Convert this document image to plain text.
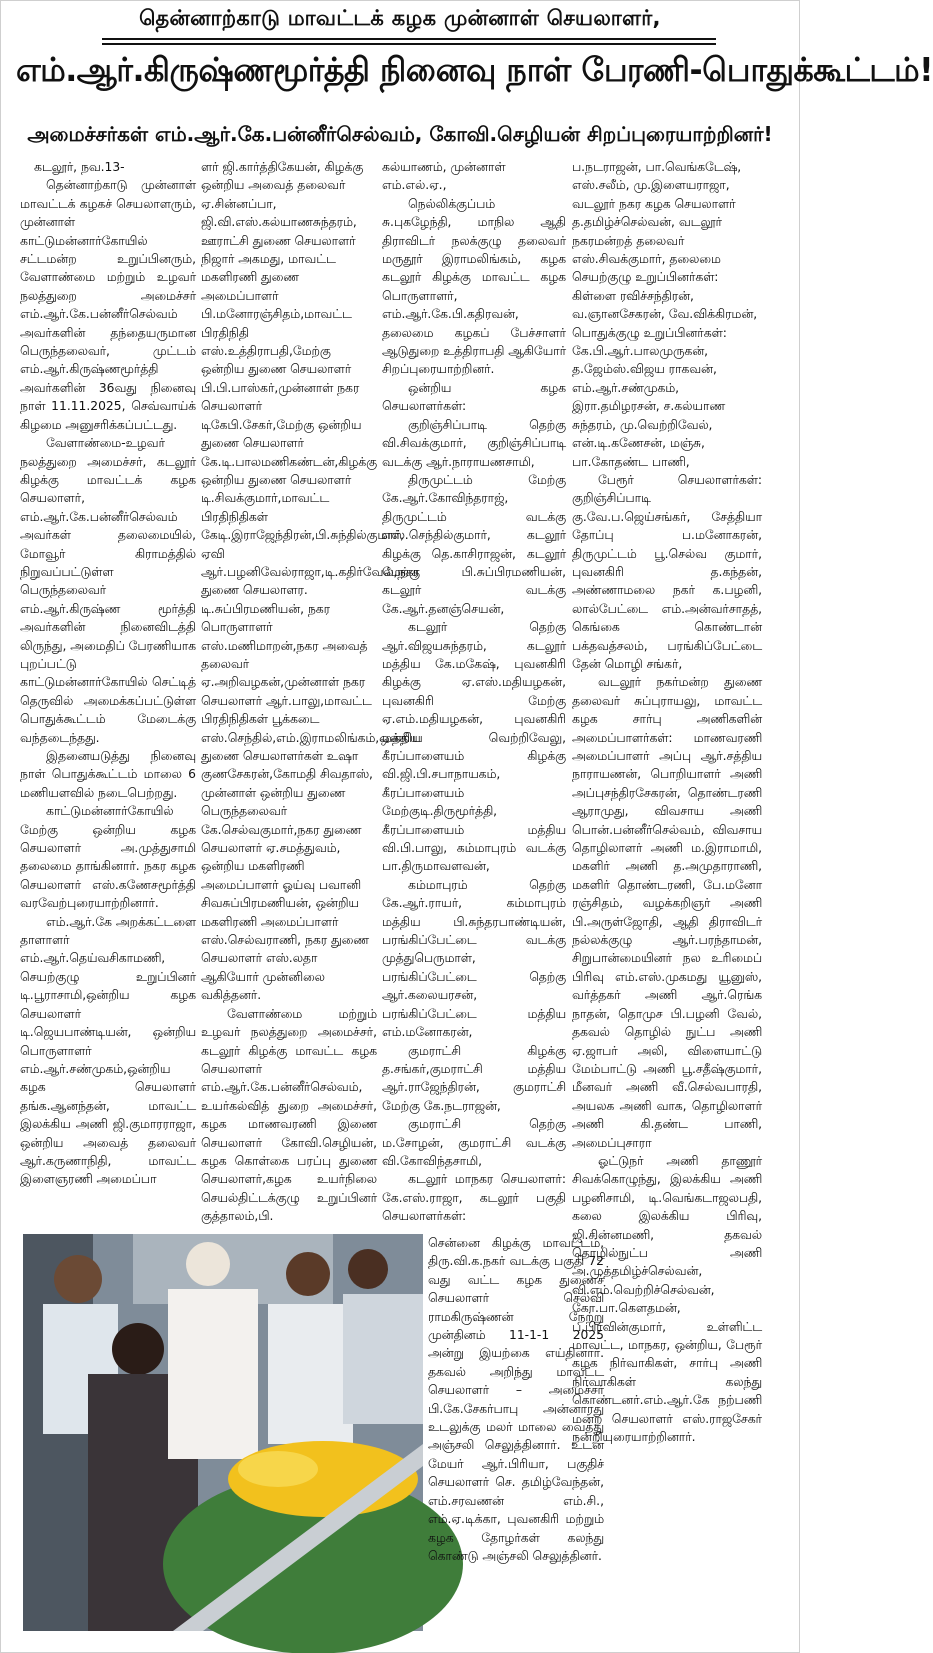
தென்னாற்காடு மாவட்டக் கழக முன்னாள் செயலாளர்,
எம்.ஆர்.கிருஷ்ணமூர்த்தி நினைவு நாள் பேரணி-பொதுக்கூட்டம்!
அமைச்சர்கள் எம்.ஆர்.கே.பன்னீர்செல்வம், கோவி.செழியன் சிறப்புரையாற்றினர்!

கடலூர், நவ.13-

தென்னாற்காடு முன்னாள் மாவட்டக் கழகச் செயலாளரும், முன்னாள் காட்டுமன்னார்கோயில் சட்டமன்ற உறுப்பினரும், வேளாண்மை மற்றும் உழவர் நலத்துறை அமைச்சர் எம்.ஆர்.கே.பன்னீர்செல்வம் அவர்களின் தந்தையருமான பெருந்தலைவர், முட்டம் எம்.ஆர்.கிருஷ்ணமூர்த்தி அவர்களின் 36வது நினைவு நாள் 11.11.2025, செவ்வாய்க் கிழமை அனுசரிக்கப்பட்டது.

வேளாண்மை-உழவர் நலத்துறை அமைச்சர், கடலூர் கிழக்கு மாவட்டக் கழக செயலாளர், எம்.ஆர்.கே.பன்னீர்செல்வம் அவர்கள் தலைமையில், மோவூர் கிராமத்தில் நிறுவப்பட்டுள்ள பெருந்தலைவர் எம்.ஆர்.கிருஷ்ண மூர்த்தி அவர்களின் நினைவிடத்தி லிருந்து, அமைதிப் பேரணியாக புறப்பட்டு காட்டுமன்னார்கோயில் செட்டித் தெருவில் அமைக்கப்பட்டுள்ள பொதுக்கூட்டம் மேடைக்கு வந்தடைந்தது.

இதனையடுத்து நினைவு நாள் பொதுக்கூட்டம் மாலை 6 மணியளவில் நடைபெற்றது.

காட்டுமன்னார்கோயில் மேற்கு ஒன்றிய கழக செயலாளர் அ.முத்துசாமி தலைமை தாங்கினார். நகர கழக செயலாளர் எஸ்.கணேசமூர்த்தி வரவேற்புரையாற்றினார்.

எம்.ஆர்.கே அறக்கட்டளை தாளாளர் எம்.ஆர்.தெய்வசிகாமணி, செயற்குழு உறுப்பினர் டி.பூராசாமி,ஒன்றிய கழக செயலாளர் டி.ஜெயபாண்டியன், ஒன்றிய பொருளாளர் எம்.ஆர்.சண்முகம்,ஒன்றிய கழக செயலாளர் தங்க.ஆனந்தன், மாவட்ட இலக்கிய அணி ஜி.குமாரராஜா, ஒன்றிய அவைத் தலைவர் ஆர்.கருணாநிதி, மாவட்ட இளைஞரணி அமைப்பா

ளர் ஜி.கார்த்திகேயன், கிழக்கு ஒன்றிய அவைத் தலைவர் ஏ.சின்னப்பா, ஜி.வி.எஸ்.கல்யாணசுந்தரம், ஊராட்சி துணை செயலாளர் நிஜார் அகமது, மாவட்ட மகளிரணி துணை அமைப்பாளர் பி.மனோரஞ்சிதம்,மாவட்ட பிரதிநிதி எஸ்.உத்திராபதி,மேற்கு ஒன்றிய துணை செயலாளர் பி.பி.பாஸ்கர்,முன்னாள் நகர செயலாளர் டிகேபி.சேகர்,மேற்கு ஒன்றிய துணை செயலாளர் கே.டி.பாலமணிகண்டன்,கிழக்கு ஒன்றிய துணை செயலாளர் டி.சிவக்குமார்,மாவட்ட பிரதிநிதிகள் கேடி.இராஜேந்திரன்,பி.சுந்தில்குமார், ஏவி ஆர்.பழனிவேல்ராஜா,டி.கதிர்வேல்,நகர துணை செயலாளர. டி.சுப்பிரமணியன், நகர பொருளாளர் எஸ்.மணிமாறன்,நகர அவைத் தலைவர் ஏ.அறிவழகன்,முன்னாள் நகர செயலாளர் ஆர்.பாலு,மாவட்ட பிரதிநிதிகள் பூக்கடை எஸ்.செந்தில்,எம்.இராமலிங்கம்,ஒன்றிய துணை செயலாளர்கள் உஷா குணசேகரன்,கோமதி சிவதாஸ், முன்னாள் ஒன்றிய துணை பெருந்தலைவர் கே.செல்வகுமார்,நகர துணை செயலாளர் ஏ.சமத்துவம், ஒன்றிய மகளிரணி அமைப்பாளர் ஓய்வு பவானி சிவசுப்பிரமணியன், ஒன்றிய மகளிரணி அமைப்பாளர் எஸ்.செல்வராணி, நகர துணை செயலாளர் எஸ்.லதா ஆகியோர் முன்னிலை வகித்தனர்.

வேளாண்மை மற்றும் உழவர் நலத்துறை அமைச்சர், கடலூர் கிழக்கு மாவட்ட கழக செயலாளர் எம்.ஆர்.கே.பன்னீர்செல்வம், உயர்கல்வித் துறை அமைச்சர், கழக மாணவரணி இணை செயலாளர் கோவி.செழியன், கழக கொள்கை பரப்பு துணை செயலாளர்,கழக உயர்நிலை செயல்திட்டக்குழு உறுப்பினர் குத்தாலம்,பி.

கல்யாணம், முன்னாள் எம்.எல்.ஏ.,

நெல்லிக்குப்பம் சு.புகழேந்தி, மாநில ஆதி திராவிடர் நலக்குழு தலைவர் மருதூர் இராமலிங்கம், கழக கடலூர் கிழக்கு மாவட்ட கழக பொருளாளர், எம்.ஆர்.கே.பி.கதிரவன், தலைமை கழகப் பேச்சாளர் ஆடுதுறை உத்திராபதி ஆகியோர் சிறப்புரையாற்றினர்.

ஒன்றிய கழக செயலாளர்கள்:

குறிஞ்சிப்பாடி தெற்கு வி.சிவக்குமார், குறிஞ்சிப்பாடி வடக்கு ஆர்.நாராயணசாமி,

திருமுட்டம் மேற்கு கே.ஆர்.கோவிந்தராஜ், திருமுட்டம் வடக்கு எஸ்.செந்தில்குமார், கடலூர் கிழக்கு தெ.காசிராஜன், கடலூர் மேற்கு பி.சுப்பிரமணியன், கடலூர் வடக்கு கே.ஆர்.தனஞ்செயன்,

கடலூர் தெற்கு ஆர்.விஜயசுந்தரம், கடலூர் மத்திய கே.மகேஷ், புவனகிரி கிழக்கு ஏ.எஸ்.மதியழகன், புவனகிரி மேற்கு ஏ.எம்.மதியழகன், புவனகிரி மத்திய வெற்றிவேலு, கீரப்பாளையம் கிழக்கு வி.ஜி.பி.சபாநாயகம், கீரப்பாளையம் மேற்குடி.திருமூர்த்தி, கீரப்பாளையம் மத்திய வி.பி.பாலு, கம்மாபுரம் வடக்கு பா.திருமாவளவன்,

கம்மாபுரம் தெற்கு கே.ஆர்.ராயர், கம்மாபுரம் மத்திய பி.சுந்தரபாண்டியன், பரங்கிப்பேட்டை வடக்கு முத்துபெருமாள், பரங்கிப்பேட்டை தெற்கு ஆர்.கலையரசன், பரங்கிப்பேட்டை மத்திய எம்.மனோகரன்,

குமராட்சி கிழக்கு த.சங்கர்,குமராட்சி மத்திய ஆர்.ராஜேந்திரன், குமராட்சி மேற்கு கே.நடராஜன்,

குமராட்சி தெற்கு ம.சோழன், குமராட்சி வடக்கு வி.கோவிந்தசாமி,

கடலூர் மாநகர செயலாளர்: கே.எஸ்.ராஜா, கடலூர் பகுதி செயலாளர்கள்:

ப.நடராஜன், பா.வெங்கடேஷ், எஸ்.சலீம், மு.இளையராஜா, வடலூர் நகர கழக செயலாளர் த.தமிழ்ச்செல்வன், வடலூர் நகரமன்றத் தலைவர் எஸ்.சிவக்குமார், தலைமை செயற்குழு உறுப்பினர்கள்: கிள்ளை ரவிச்சந்திரன், வ.ஞானசேகரன், வே.விக்கிரமன், பொதுக்குழு உறுப்பினர்கள்: கே.பி.ஆர்.பாலமுருகன், த.ஜேம்ஸ்.விஜய ராகவன், எம்.ஆர்.சண்முகம், இரா.தமிழரசன், ச.கல்யாண சுந்தரம், மு.வெற்றிவேல், என்.டி.கணேசன், மஞ்சு, பா.கோதண்ட பாணி,

பேரூர் செயலாளர்கள்: குறிஞ்சிப்பாடி கு.வே.ப.ஜெய்சங்கர், சேத்தியா தோப்பு ப.மனோகரன், திருமுட்டம் பூ.செல்வ குமார், புவனகிரி த.கந்தன், அண்ணாமலை நகர் க.பழனி, லால்பேட்டை எம்.அன்வர்சாதத், கெங்கை கொண்டான் பக்தவத்சலம், பரங்கிப்பேட்டை தேன் மொழி சங்கர்,

வடலூர் நகர்மன்ற துணை தலைவர் சுப்புராயலு, மாவட்ட கழக சார்பு அணிகளின் அமைப்பாளர்கள்: மாணவரணி அமைப்பாளர் அப்பு ஆர்.சத்திய நாராயணன், பொறியாளர் அணி அப்புசந்திரசேகரன், தொண்டரணி ஆராமுது, விவசாய அணி பொன்.பன்னீர்செல்வம், விவசாய தொழிலாளர் அணி ம.இராமாமி, மகளிர் அணி த.அமுதாராணி, மகளிர் தொண்டரணி, பே.மனோ ரஞ்சிதம், வழக்கறிஞர் அணி பி.அருள்ஜோதி, ஆதி திராவிடர் நல்லக்குழு ஆர்.பரந்தாமன், சிறுபான்மையினர் நல உரிமைப் பிரிவு எம்.எஸ்.முகமது யூனுஸ், வர்த்தகர் அணி ஆர்.ரெங்க நாதன், தொமுச பி.பழனி வேல், தகவல் தொழில் நுட்ப அணி ஏ.ஜாபர் அலி, விளையாட்டு மேம்பாட்டு அணி பூ.சதீஷ்குமார், மீனவர் அணி வீ.செல்வபாரதி, அயலக அணி வாக, தொழிலாளர் அணி கி.தண்ட பாணி, அமைப்புசாரா

ஓட்டுநர் அணி தாணூர் சிவக்கொழுந்து, இலக்கிய அணி பழனிசாமி, டி.வெங்கடாஜலபதி, கலை இலக்கிய பிரிவு, ஜி.சின்னமணி, தகவல் தொழில்நுட்ப அணி அ.முத்தமிழ்ச்செல்வன், வி.எம்.வெற்றிச்செல்வன், கோ.பா.கௌதமன், ப.பிரவின்குமார், உள்ளிட்ட மாவட்ட, மாநகர, ஒன்றிய, பேரூர் கழக நிர்வாகிகள், சார்பு அணி நிர்வாகிகள் கலந்து கொண்டனர்.எம்.ஆர்.கே நற்பணி மன்ற செயலாளர் எஸ்.ராஜசேகர் நன்றியுரையாற்றினார்.

சென்னை கிழக்கு மாவட்டம், திரு.வி.க.நகர் வடக்கு பகுதி 72 வது வட்ட கழக துணைச் செயலாளர் செல்வி ராமகிருஷ்ணன் நேற்று முன்தினம் 11-1-1 2025 அன்று இயற்கை எய்தினார். தகவல் அறிந்து மாவட்ட செயலாளர் – அமைச்சர் பி.கே.சேகர்பாபு அன்னாரது உடலுக்கு மலர் மாலை வைத்து அஞ்சலி செலுத்தினார். உடன் மேயர் ஆர்.பிரியா, பகுதிச் செயலாளர் செ. தமிழ்வேந்தன், எம்.சரவணன் எம்.சி., எம்.ஏ.டிக்கா, புவனகிரி மற்றும் கழக தோழர்கள் கலந்து கொண்டு அஞ்சலி செலுத்தினர்.
